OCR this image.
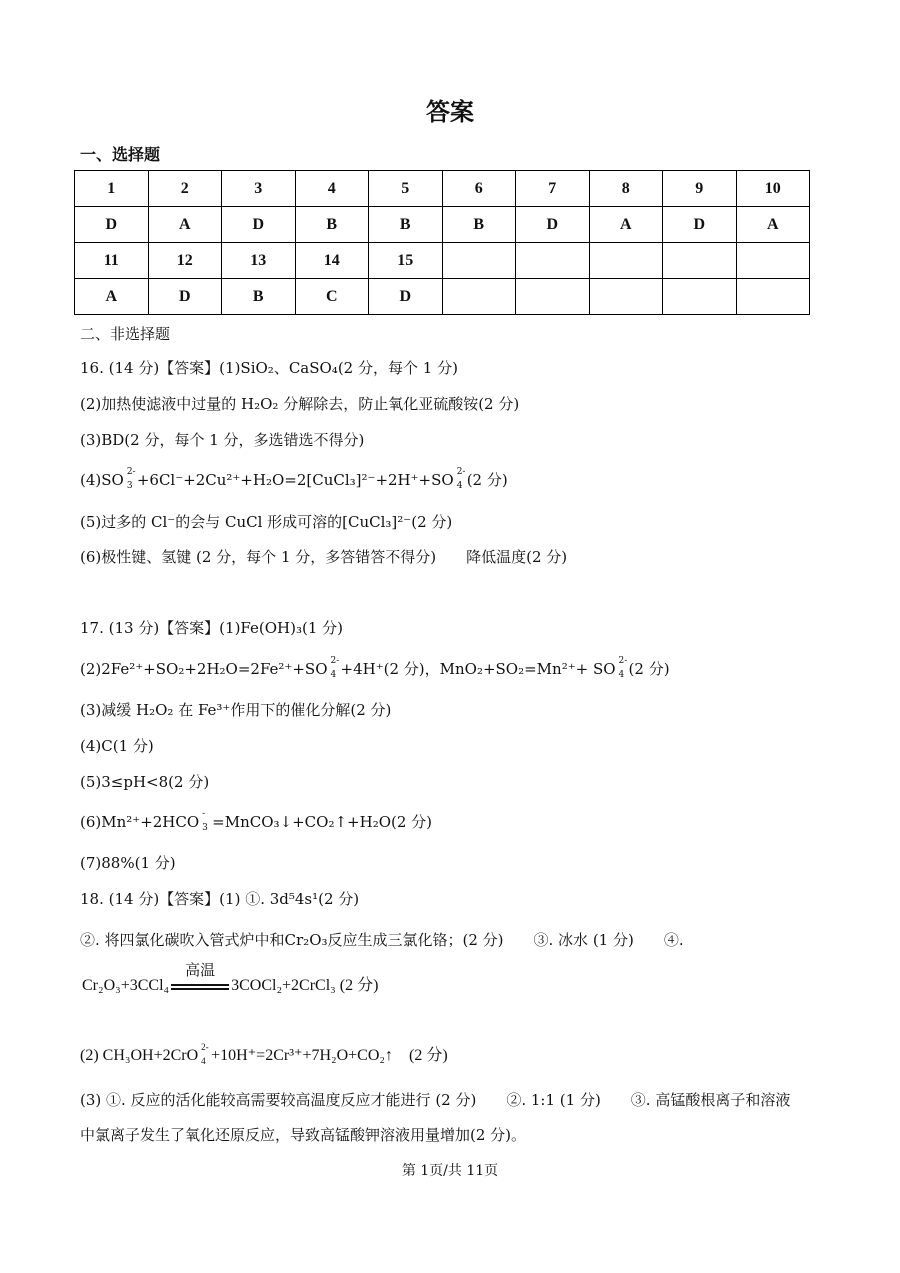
答案
一、选择题
1	2	3	4	5	6	7	8	9	10
D	A	D	B	B	B	D	A	D	A
11	12	13	14	15					
A	D	B	C	D					
二、非选择题
16. (14 分)【答案】(1)SiO₂、CaSO₄(2 分，每个 1 分)
(2)加热使滤液中过量的 H₂O₂ 分解除去，防止氧化亚硫酸铵(2 分)
(3)BD(2 分，每个 1 分，多选错选不得分)
(4)SO 2-
3 +6Cl⁻+2Cu²⁺+H₂O=2[CuCl₃]²⁻+2H⁺+SO 2-
4 (2 分)
(5)过多的 Cl⁻的会与 CuCl 形成可溶的[CuCl₃]²⁻(2 分)
(6)极性键、氢键 (2 分，每个 1 分，多答错答不得分)　　降低温度(2 分)
17. (13 分)【答案】(1)Fe(OH)₃(1 分)
(2)2Fe²⁺+SO₂+2H₂O=2Fe²⁺+SO 2-
4 +4H⁺(2 分)，MnO₂+SO₂=Mn²⁺+ SO 2-
4 (2 分)
(3)减缓 H₂O₂ 在 Fe³⁺作用下的催化分解(2 分)
(4)C(1 分)
(5)3≤pH<8(2 分)
(6)Mn²⁺+2HCO -
3 =MnCO₃↓+CO₂↑+H₂O(2 分)
(7)88%(1 分)
18. (14 分)【答案】(1) ①. 3d⁵4s¹(2 分)
②. 将四氯化碳吹入管式炉中和Cr₂O₃反应生成三氯化铬；(2 分)　　③. 冰水 (1 分)　　④.
Cr₂O₃+3CCl₄
高温
3COCl₂+2CrCl₃ (2 分)
(2) CH₃OH+2CrO 2-
4 +10H⁺=2Cr³⁺+7H₂O+CO₂↑　(2 分)
(3) ①. 反应的活化能较高需要较高温度反应才能进行 (2 分)　　②. 1:1 (1 分)　　③. 高锰酸根离子和溶液
中氯离子发生了氧化还原反应，导致高锰酸钾溶液用量增加(2 分)。
第 1页/共 11页
